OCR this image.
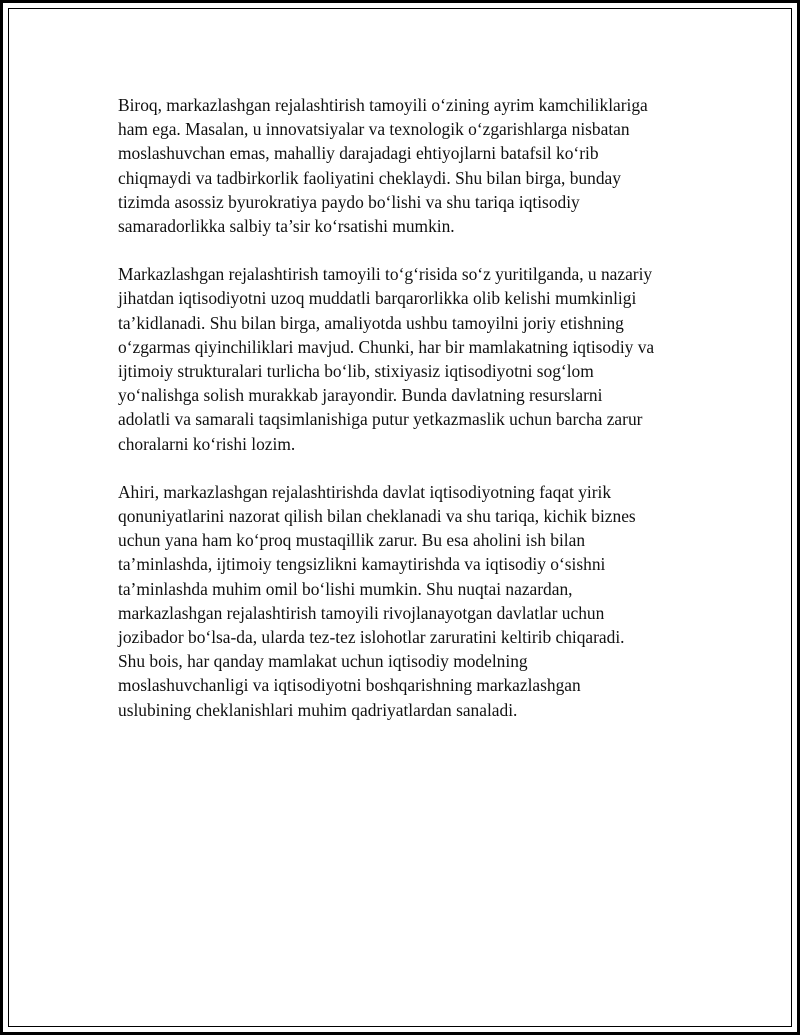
Biroq, markazlashgan rejalashtirish tamoyili o‘zining ayrim kamchiliklariga
ham ega. Masalan, u innovatsiyalar va texnologik o‘zgarishlarga nisbatan
moslashuvchan emas, mahalliy darajadagi ehtiyojlarni batafsil ko‘rib
chiqmaydi va tadbirkorlik faoliyatini cheklaydi. Shu bilan birga, bunday
tizimda asossiz byurokratiya paydo bo‘lishi va shu tariqa iqtisodiy
samaradorlikka salbiy ta’sir ko‘rsatishi mumkin.

Markazlashgan rejalashtirish tamoyili to‘g‘risida so‘z yuritilganda, u nazariy
jihatdan iqtisodiyotni uzoq muddatli barqarorlikka olib kelishi mumkinligi
ta’kidlanadi. Shu bilan birga, amaliyotda ushbu tamoyilni joriy etishning
o‘zgarmas qiyinchiliklari mavjud. Chunki, har bir mamlakatning iqtisodiy va
ijtimoiy strukturalari turlicha bo‘lib, stixiyasiz iqtisodiyotni sog‘lom
yo‘nalishga solish murakkab jarayondir. Bunda davlatning resurslarni
adolatli va samarali taqsimlanishiga putur yetkazmaslik uchun barcha zarur
choralarni ko‘rishi lozim.

Ahiri, markazlashgan rejalashtirishda davlat iqtisodiyotning faqat yirik
qonuniyatlarini nazorat qilish bilan cheklanadi va shu tariqa, kichik biznes
uchun yana ham ko‘proq mustaqillik zarur. Bu esa aholini ish bilan
ta’minlashda, ijtimoiy tengsizlikni kamaytirishda va iqtisodiy o‘sishni
ta’minlashda muhim omil bo‘lishi mumkin. Shu nuqtai nazardan,
markazlashgan rejalashtirish tamoyili rivojlanayotgan davlatlar uchun
jozibador bo‘lsa-da, ularda tez-tez islohotlar zaruratini keltirib chiqaradi.
Shu bois, har qanday mamlakat uchun iqtisodiy modelning
moslashuvchanligi va iqtisodiyotni boshqarishning markazlashgan
uslubining cheklanishlari muhim qadriyatlardan sanaladi.
